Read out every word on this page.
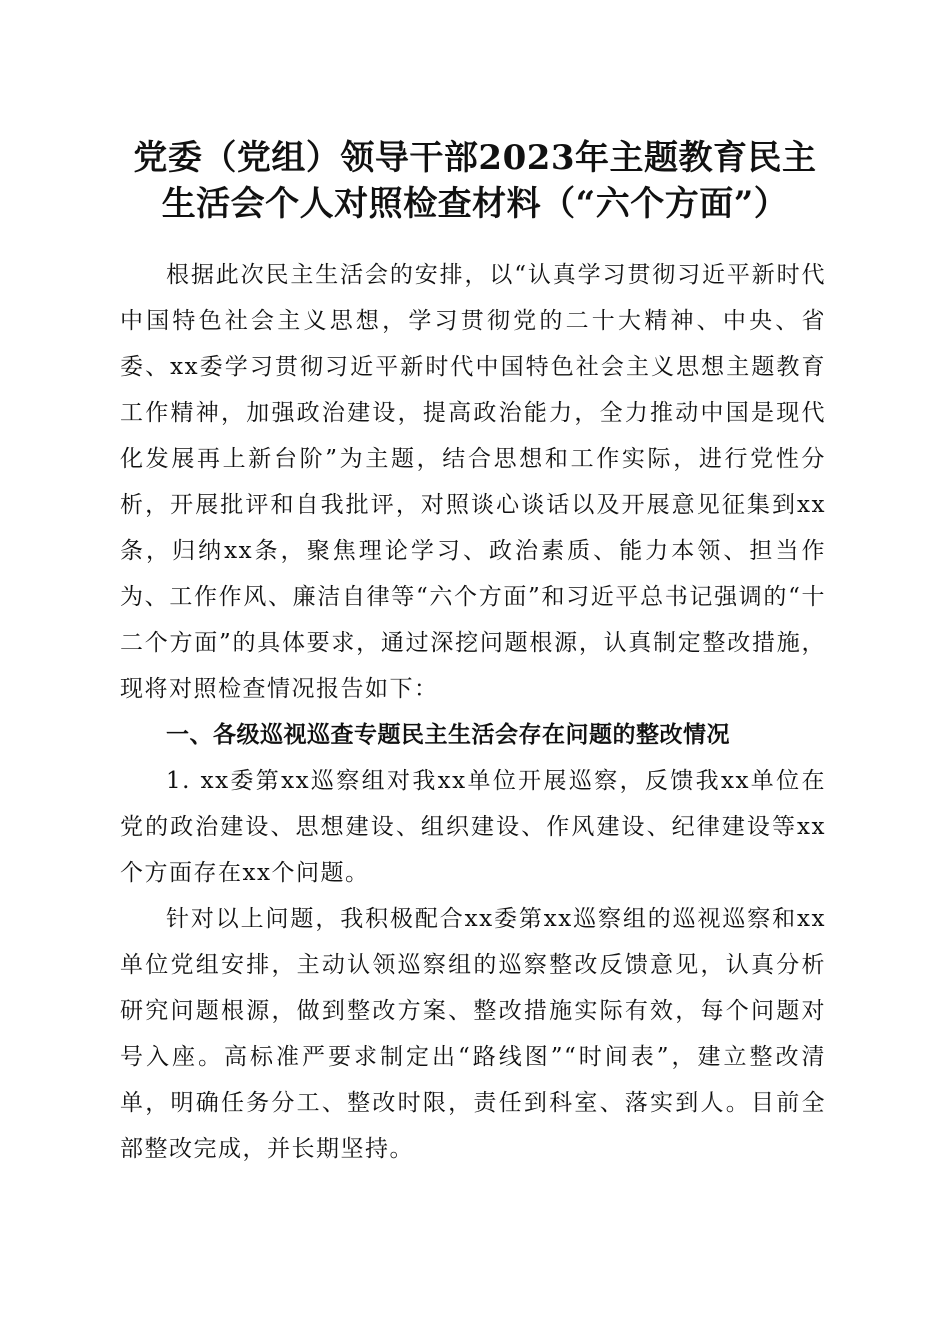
党委（党组）领导干部2023年主题教育民主
生活会个人对照检查材料（“六个方面”）

根据此次民主生活会的安排，以“认真学习贯彻习近平新时代中国特色社会主义思想，学习贯彻党的二十大精神、中央、省委、xx委学习贯彻习近平新时代中国特色社会主义思想主题教育工作精神，加强政治建设，提高政治能力，全力推动中国是现代化发展再上新台阶”为主题，结合思想和工作实际，进行党性分析，开展批评和自我批评，对照谈心谈话以及开展意见征集到xx条，归纳xx条，聚焦理论学习、政治素质、能力本领、担当作为、工作作风、廉洁自律等“六个方面”和习近平总书记强调的“十二个方面”的具体要求，通过深挖问题根源，认真制定整改措施，现将对照检查情况报告如下：

一、各级巡视巡查专题民主生活会存在问题的整改情况

1. xx委第xx巡察组对我xx单位开展巡察，反馈我xx单位在党的政治建设、思想建设、组织建设、作风建设、纪律建设等xx个方面存在xx个问题。

针对以上问题，我积极配合xx委第xx巡察组的巡视巡察和xx单位党组安排，主动认领巡察组的巡察整改反馈意见，认真分析研究问题根源，做到整改方案、整改措施实际有效，每个问题对号入座。高标准严要求制定出“路线图”“时间表”，建立整改清单，明确任务分工、整改时限，责任到科室、落实到人。目前全部整改完成，并长期坚持。
